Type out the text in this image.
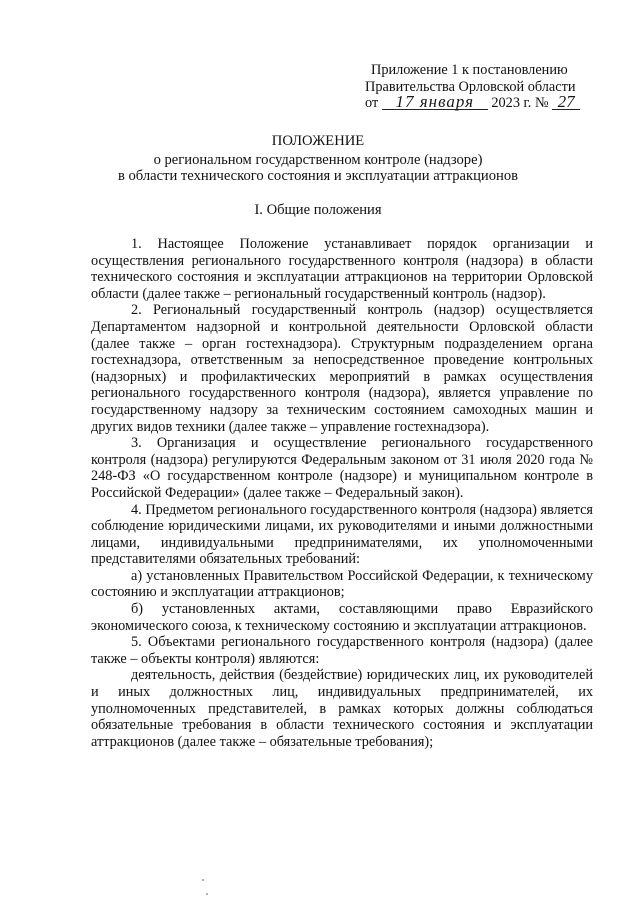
Приложение 1 к постановлению
Правительства Орловской области
от 17 января 2023 г. № 27
ПОЛОЖЕНИЕ
о региональном государственном контроле (надзоре)
в области технического состояния и эксплуатации аттракционов
I. Общие положения

1. Настоящее Положение устанавливает порядок организации и осуществления регионального государственного контроля (надзора) в области технического состояния и эксплуатации аттракционов на территории Орловской области (далее также – региональный государственный контроль (надзор).

2. Региональный государственный контроль (надзор) осуществляется Департаментом надзорной и контрольной деятельности Орловской области (далее также – орган гостехнадзора). Структурным подразделением органа гостехнадзора, ответственным за непосредственное проведение контрольных (надзорных) и профилактических мероприятий в рамках осуществления регионального государственного контроля (надзора), является управление по государственному надзору за техническим состоянием самоходных машин и других видов техники (далее также – управление гостехнадзора).

3. Организация и осуществление регионального государственного контроля (надзора) регулируются Федеральным законом от 31 июля 2020 года № 248-ФЗ «О государственном контроле (надзоре) и муниципальном контроле в Российской Федерации» (далее также – Федеральный закон).

4. Предметом регионального государственного контроля (надзора) является соблюдение юридическими лицами, их руководителями и иными должностными лицами, индивидуальными предпринимателями, их уполномоченными представителями обязательных требований:

а) установленных Правительством Российской Федерации, к техническому состоянию и эксплуатации аттракционов;

б) установленных актами, составляющими право Евразийского экономического союза, к техническому состоянию и эксплуатации аттракционов.

5. Объектами регионального государственного контроля (надзора) (далее также – объекты контроля) являются:

деятельность, действия (бездействие) юридических лиц, их руководителей и иных должностных лиц, индивидуальных предпринимателей, их уполномоченных представителей, в рамках которых должны соблюдаться обязательные требования в области технического состояния и эксплуатации аттракционов (далее также – обязательные требования);
